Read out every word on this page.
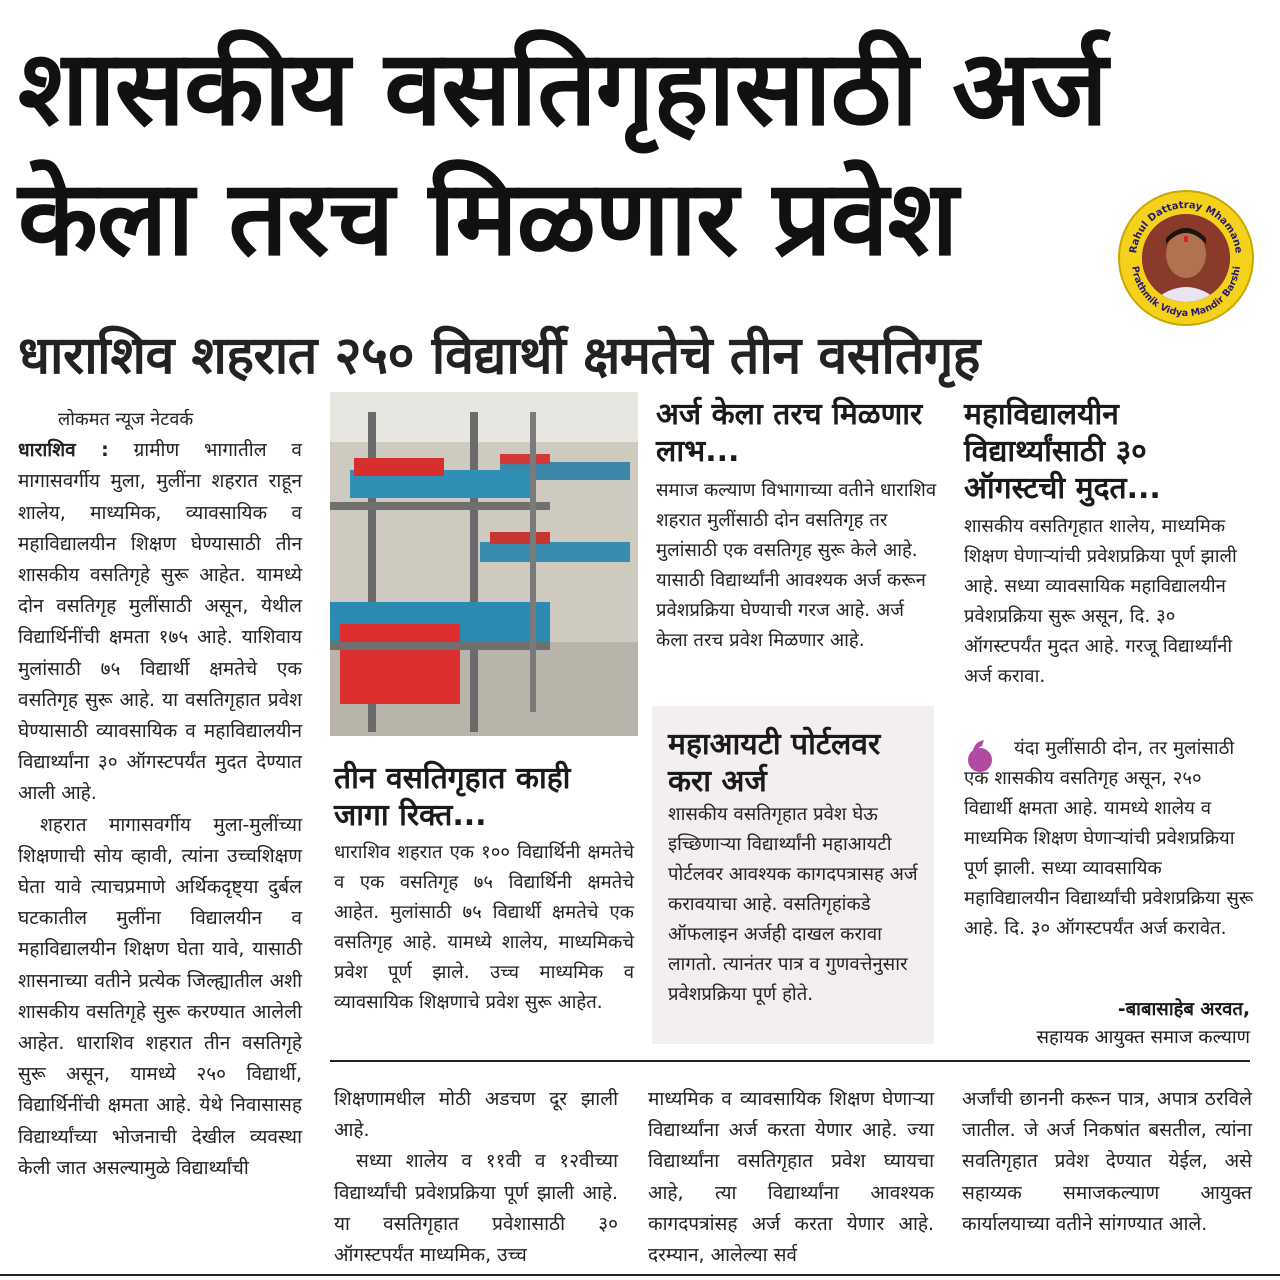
शासकीय वसतिगृहासाठी अर्ज
केला तरच मिळणार प्रवेश
धाराशिव शहरात २५० विद्यार्थी क्षमतेचे तीन वसतिगृह
Rahul Dattatray Mhamane
Prathmik Vidya Mandir Barshi
लोकमत न्यूज नेटवर्क

धाराशिव : ग्रामीण भागातील व मागासवर्गीय मुला, मुलींना शहरात राहून शालेय, माध्यमिक, व्यावसायिक व महाविद्यालयीन शिक्षण घेण्यासाठी तीन शासकीय वसतिगृहे सुरू आहेत. यामध्ये दोन वसतिगृह मुलींसाठी असून, येथील विद्यार्थिनींची क्षमता १७५ आहे. याशिवाय मुलांसाठी ७५ विद्यार्थी क्षमतेचे एक वसतिगृह सुरू आहे. या वसतिगृहात प्रवेश घेण्यासाठी व्यावसायिक व महाविद्यालयीन विद्यार्थ्यांना ३० ऑगस्टपर्यंत मुदत देण्यात आली आहे.

शहरात मागासवर्गीय मुला-मुलींच्या शिक्षणाची सोय व्हावी, त्यांना उच्चशिक्षण घेता यावे त्याचप्रमाणे अर्थिकदृष्ट्या दुर्बल घटकातील मुलींना विद्यालयीन व महाविद्यालयीन शिक्षण घेता यावे, यासाठी शासनाच्या वतीने प्रत्येक जिल्ह्यातील अशी शासकीय वसतिगृहे सुरू करण्यात आलेली आहेत. धाराशिव शहरात तीन वसतिगृहे सुरू असून, यामध्ये २५० विद्यार्थी, विद्यार्थिनींची क्षमता आहे. येथे निवासासह विद्यार्थ्यांच्या भोजनाची देखील व्यवस्था केली जात असल्यामुळे विद्यार्थ्यांची

तीन वसतिगृहात काही जागा रिक्त...
धाराशिव शहरात एक १०० विद्यार्थिनी क्षमतेचे व एक वसतिगृह ७५ विद्यार्थिनी क्षमतेचे आहेत. मुलांसाठी ७५ विद्यार्थी क्षमतेचे एक वसतिगृह आहे. यामध्ये शालेय, माध्यमिकचे प्रवेश पूर्ण झाले. उच्च माध्यमिक व व्यावसायिक शिक्षणाचे प्रवेश सुरू आहेत.
अर्ज केला तरच मिळणार लाभ...
समाज कल्याण विभागाच्या वतीने धाराशिव शहरात मुलींसाठी दोन वसतिगृह तर मुलांसाठी एक वसतिगृह सुरू केले आहे. यासाठी विद्यार्थ्यांनी आवश्यक अर्ज करून प्रवेशप्रक्रिया घेण्याची गरज आहे. अर्ज केला तरच प्रवेश मिळणार आहे.
महाआयटी पोर्टलवर करा अर्ज
शासकीय वसतिगृहात प्रवेश घेऊ इच्छिणाऱ्या विद्यार्थ्यांनी महाआयटी पोर्टलवर आवश्यक कागदपत्रासह अर्ज करावयाचा आहे. वसतिगृहांकडे ऑफलाइन अर्जही दाखल करावा लागतो. त्यानंतर पात्र व गुणवत्तेनुसार प्रवेशप्रक्रिया पूर्ण होते.
महाविद्यालयीन विद्यार्थ्यांसाठी ३० ऑगस्टची मुदत...
शासकीय वसतिगृहात शालेय, माध्यमिक शिक्षण घेणाऱ्यांची प्रवेशप्रक्रिया पूर्ण झाली आहे. सध्या व्यावसायिक महाविद्यालयीन प्रवेशप्रक्रिया सुरू असून, दि. ३० ऑगस्टपर्यंत मुदत आहे. गरजू विद्यार्थ्यांनी अर्ज करावा.
यंदा मुलींसाठी दोन, तर मुलांसाठी एक शासकीय वसतिगृह असून, २५० विद्यार्थी क्षमता आहे. यामध्ये शालेय व माध्यमिक शिक्षण घेणाऱ्यांची प्रवेशप्रक्रिया पूर्ण झाली. सध्या व्यावसायिक महाविद्यालयीन विद्यार्थ्यांची प्रवेशप्रक्रिया सुरू आहे. दि. ३० ऑगस्टपर्यंत अर्ज करावेत.
-बाबासाहेब अरवत,
सहायक आयुक्त समाज कल्याण

शिक्षणामधील मोठी अडचण दूर झाली आहे.

सध्या शालेय व ११वी व १२वीच्या विद्यार्थ्यांची प्रवेशप्रक्रिया पूर्ण झाली आहे. या वसतिगृहात प्रवेशासाठी ३० ऑगस्टपर्यंत माध्यमिक, उच्च

माध्यमिक व व्यावसायिक शिक्षण घेणाऱ्या विद्यार्थ्यांना अर्ज करता येणार आहे. ज्या विद्यार्थ्यांना वसतिगृहात प्रवेश घ्यायचा आहे, त्या विद्यार्थ्यांना आवश्यक कागदपत्रांसह अर्ज करता येणार आहे. दरम्यान, आलेल्या सर्व
अर्जांची छाननी करून पात्र, अपात्र ठरविले जातील. जे अर्ज निकषांत बसतील, त्यांना सवतिगृहात प्रवेश देण्यात येईल, असे सहाय्यक समाजकल्याण आयुक्त कार्यालयाच्या वतीने सांगण्यात आले.
